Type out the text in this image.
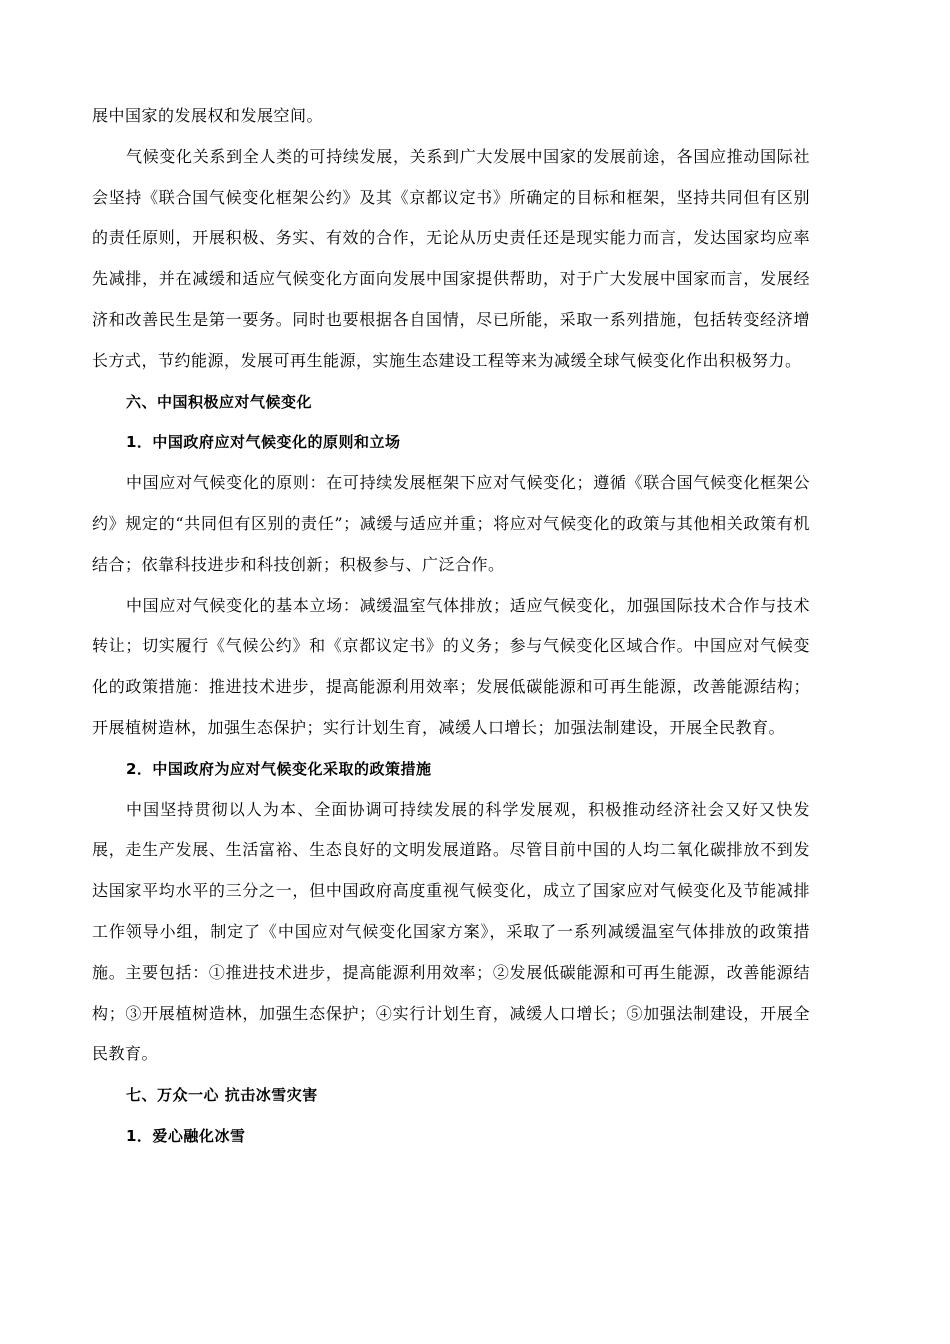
展中国家的发展权和发展空间。

气候变化关系到全人类的可持续发展，关系到广大发展中国家的发展前途，各国应推动国际社会坚持《联合国气候变化框架公约》及其《京都议定书》所确定的目标和框架，坚持共同但有区别的责任原则，开展积极、务实、有效的合作，无论从历史责任还是现实能力而言，发达国家均应率先减排，并在减缓和适应气候变化方面向发展中国家提供帮助，对于广大发展中国家而言，发展经济和改善民生是第一要务。同时也要根据各自国情，尽已所能，采取一系列措施，包括转变经济增长方式，节约能源，发展可再生能源，实施生态建设工程等来为减缓全球气候变化作出积极努力。

六、中国积极应对气候变化

1．中国政府应对气候变化的原则和立场

中国应对气候变化的原则：在可持续发展框架下应对气候变化；遵循《联合国气候变化框架公约》规定的“共同但有区别的责任”；减缓与适应并重；将应对气候变化的政策与其他相关政策有机结合；依靠科技进步和科技创新；积极参与、广泛合作。

中国应对气候变化的基本立场：减缓温室气体排放；适应气候变化，加强国际技术合作与技术转让；切实履行《气候公约》和《京都议定书》的义务；参与气候变化区域合作。中国应对气候变化的政策措施：推进技术进步，提高能源利用效率；发展低碳能源和可再生能源，改善能源结构；开展植树造林，加强生态保护；实行计划生育，减缓人口增长；加强法制建设，开展全民教育。

2．中国政府为应对气候变化采取的政策措施

中国坚持贯彻以人为本、全面协调可持续发展的科学发展观，积极推动经济社会又好又快发展，走生产发展、生活富裕、生态良好的文明发展道路。尽管目前中国的人均二氧化碳排放不到发达国家平均水平的三分之一，但中国政府高度重视气候变化，成立了国家应对气候变化及节能减排工作领导小组，制定了《中国应对气候变化国家方案》，采取了一系列减缓温室气体排放的政策措施。主要包括：①推进技术进步，提高能源利用效率；②发展低碳能源和可再生能源，改善能源结构；③开展植树造林，加强生态保护；④实行计划生育，减缓人口增长；⑤加强法制建设，开展全民教育。

七、万众一心 抗击冰雪灾害

1．爱心融化冰雪
